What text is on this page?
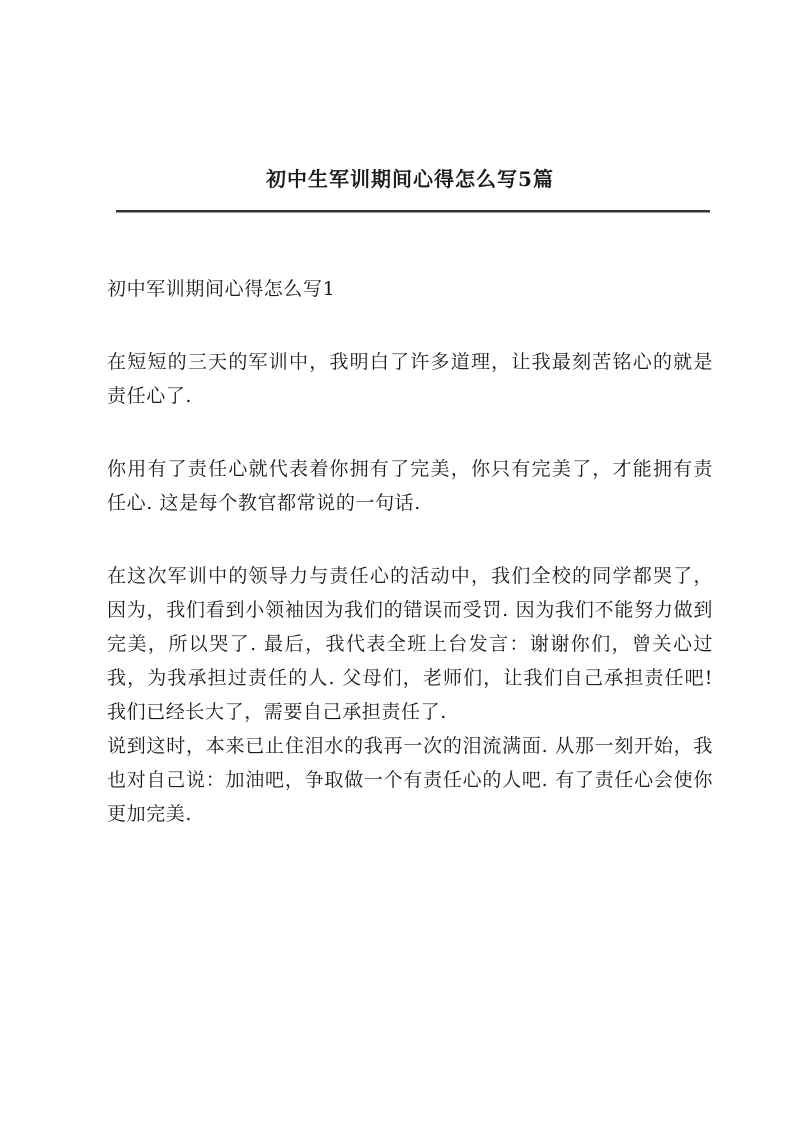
初中生军训期间心得怎么写5篇

初中军训期间心得怎么写1

在短短的三天的军训中，我明白了许多道理，让我最刻苦铭心的就是责任心了.

你用有了责任心就代表着你拥有了完美，你只有完美了，才能拥有责任心. 这是每个教官都常说的一句话.

在这次军训中的领导力与责任心的活动中，我们全校的同学都哭了，因为，我们看到小领袖因为我们的错误而受罚. 因为我们不能努力做到完美，所以哭了. 最后，我代表全班上台发言：谢谢你们，曾关心过我，为我承担过责任的人. 父母们，老师们，让我们自己承担责任吧!我们已经长大了，需要自己承担责任了.

说到这时，本来已止住泪水的我再一次的泪流满面. 从那一刻开始，我也对自己说：加油吧，争取做一个有责任心的人吧. 有了责任心会使你更加完美.
